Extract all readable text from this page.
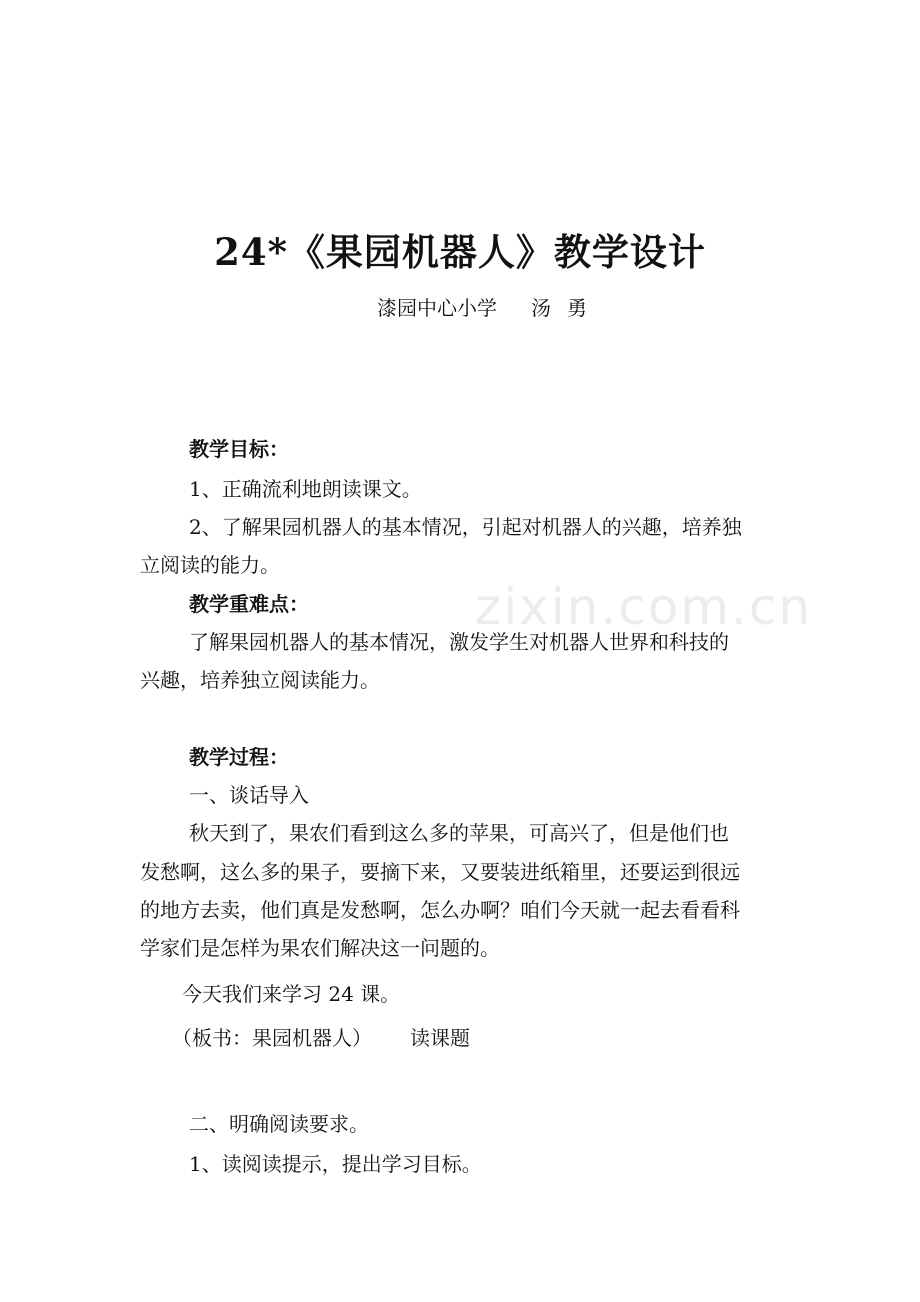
24*《果园机器人》教学设计
漆园中心小学 汤 勇
zixin.com.cn
教学目标：
1、正确流利地朗读课文。
2、了解果园机器人的基本情况，引起对机器人的兴趣，培养独
立阅读的能力。
教学重难点：
了解果园机器人的基本情况，激发学生对机器人世界和科技的
兴趣，培养独立阅读能力。
教学过程：
一、谈话导入
秋天到了，果农们看到这么多的苹果，可高兴了，但是他们也
发愁啊，这么多的果子，要摘下来，又要装进纸箱里，还要运到很远
的地方去卖，他们真是发愁啊，怎么办啊？咱们今天就一起去看看科
学家们是怎样为果农们解决这一问题的。
今天我们来学习 24 课。
（板书：果园机器人） 读课题
二、明确阅读要求。
1、读阅读提示，提出学习目标。
